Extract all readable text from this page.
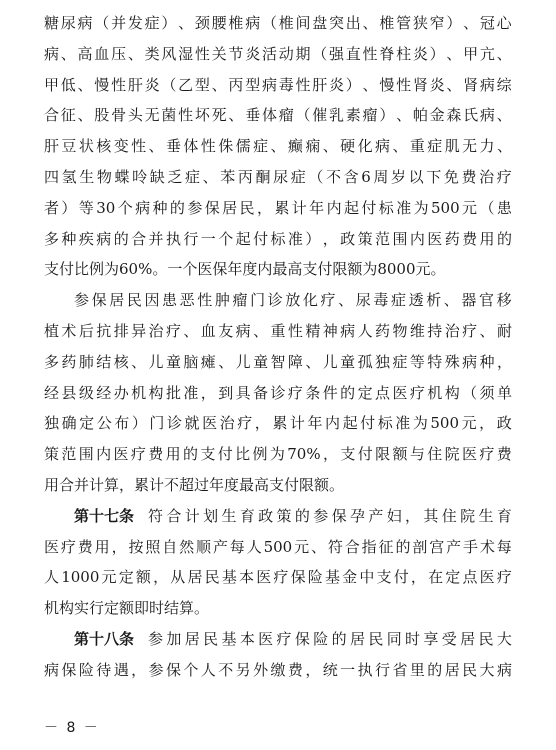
糖 尿 病 （ 并 发 症 ） 、 颈 腰 椎 病 （ 椎 间 盘 突 出 、 椎 管 狭 窄 ） 、 冠 心
病 、 高 血 压 、 类 风 湿 性 关 节 炎 活 动 期 （ 强 直 性 脊 柱 炎 ） 、 甲 亢 、
甲 低 、 慢 性 肝 炎 （ 乙 型 、 丙 型 病 毒 性 肝 炎 ） 、 慢 性 肾 炎 、 肾 病 综
合 征 、 股 骨 头 无 菌 性 坏 死 、 垂 体 瘤 （ 催 乳 素 瘤 ） 、 帕 金 森 氏 病 、
肝 豆 状 核 变 性 、 垂 体 性 侏 儒 症 、 癫 痫 、 硬 化 病 、 重 症 肌 无 力 、
四 氢 生 物 蝶 呤 缺 乏 症 、 苯 丙 酮 尿 症 （ 不 含 6 周 岁 以 下 免 费 治 疗
者 ） 等 30 个 病 种 的 参 保 居 民 ， 累 计 年 内 起 付 标 准 为 500 元 （ 患
多 种 疾 病 的 合 并 执 行 一 个 起 付 标 准 ） ， 政 策 范 围 内 医 药 费 用 的
支付比例为60%。一个医保年度内最高支付限额为8000元。
参 保 居 民 因 患 恶 性 肿 瘤 门 诊 放 化 疗 、 尿 毒 症 透 析 、 器 官 移
植 术 后 抗 排 异 治 疗 、 血 友 病 、 重 性 精 神 病 人 药 物 维 持 治 疗 、 耐
多 药 肺 结 核 、 儿 童 脑 瘫 、 儿 童 智 障 、 儿 童 孤 独 症 等 特 殊 病 种 ，
经 县 级 经 办 机 构 批 准 ， 到 具 备 诊 疗 条 件 的 定 点 医 疗 机 构 （ 须 单
独 确 定 公 布 ） 门 诊 就 医 治 疗 ， 累 计 年 内 起 付 标 准 为 500 元 ， 政
策 范 围 内 医 疗 费 用 的 支 付 比 例 为 70% ， 支 付 限 额 与 住 院 医 疗 费
用合并计算，累计不超过年度最高支付限额。
第十七条 符 合 计 划 生 育 政 策 的 参 保 孕 产 妇 ， 其 住 院 生 育
医 疗 费 用 ， 按 照 自 然 顺 产 每 人 500 元 、 符 合 指 征 的 剖 宫 产 手 术 每
人 1000 元 定 额 ， 从 居 民 基 本 医 疗 保 险 基 金 中 支 付 ， 在 定 点 医 疗
机构实行定额即时结算。
第十八条 参 加 居 民 基 本 医 疗 保 险 的 居 民 同 时 享 受 居 民 大
病 保 险 待 遇 ， 参 保 个 人 不 另 外 缴 费 ， 统 一 执 行 省 里 的 居 民 大 病
－ 8 －
